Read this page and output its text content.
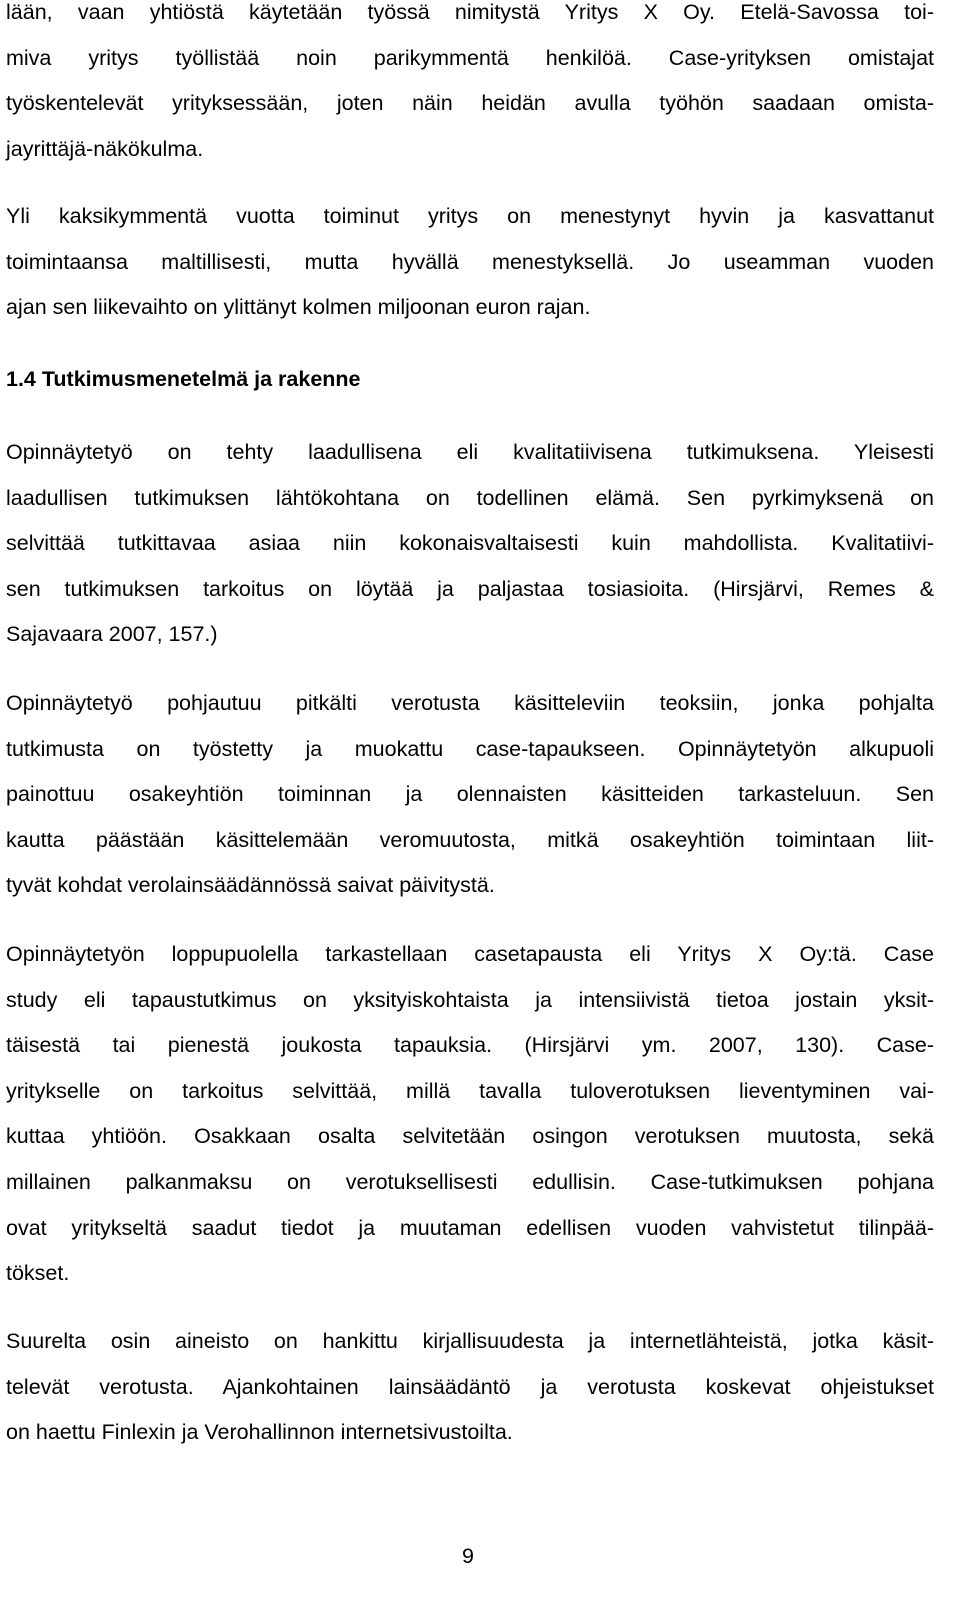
lään, vaan yhtiöstä käytetään työssä nimitystä Yritys X Oy. Etelä-Savossa toi-
miva yritys työllistää noin parikymmentä henkilöä. Case-yrityksen omistajat
työskentelevät yrityksessään, joten näin heidän avulla työhön saadaan omista-
jayrittäjä-näkökulma.

Yli kaksikymmentä vuotta toiminut yritys on menestynyt hyvin ja kasvattanut
toimintaansa maltillisesti, mutta hyvällä menestyksellä. Jo useamman vuoden
ajan sen liikevaihto on ylittänyt kolmen miljoonan euron rajan.

1.4 Tutkimusmenetelmä ja rakenne

Opinnäytetyö on tehty laadullisena eli kvalitatiivisena tutkimuksena. Yleisesti
laadullisen tutkimuksen lähtökohtana on todellinen elämä. Sen pyrkimyksenä on
selvittää tutkittavaa asiaa niin kokonaisvaltaisesti kuin mahdollista. Kvalitatiivi-
sen tutkimuksen tarkoitus on löytää ja paljastaa tosiasioita. (Hirsjärvi, Remes &
Sajavaara 2007, 157.)

Opinnäytetyö pohjautuu pitkälti verotusta käsitteleviin teoksiin, jonka pohjalta
tutkimusta on työstetty ja muokattu case-tapaukseen. Opinnäytetyön alkupuoli
painottuu osakeyhtiön toiminnan ja olennaisten käsitteiden tarkasteluun. Sen
kautta päästään käsittelemään veromuutosta, mitkä osakeyhtiön toimintaan liit-
tyvät kohdat verolainsäädännössä saivat päivitystä.

Opinnäytetyön loppupuolella tarkastellaan casetapausta eli Yritys X Oy:tä. Case
study eli tapaustutkimus on yksityiskohtaista ja intensiivistä tietoa jostain yksit-
täisestä tai pienestä joukosta tapauksia. (Hirsjärvi ym. 2007, 130). Case-
yritykselle on tarkoitus selvittää, millä tavalla tuloverotuksen lieventyminen vai-
kuttaa yhtiöön. Osakkaan osalta selvitetään osingon verotuksen muutosta, sekä
millainen palkanmaksu on verotuksellisesti edullisin. Case-tutkimuksen pohjana
ovat yritykseltä saadut tiedot ja muutaman edellisen vuoden vahvistetut tilinpää-
tökset.

Suurelta osin aineisto on hankittu kirjallisuudesta ja internetlähteistä, jotka käsit-
televät verotusta. Ajankohtainen lainsäädäntö ja verotusta koskevat ohjeistukset
on haettu Finlexin ja Verohallinnon internetsivustoilta.

9
